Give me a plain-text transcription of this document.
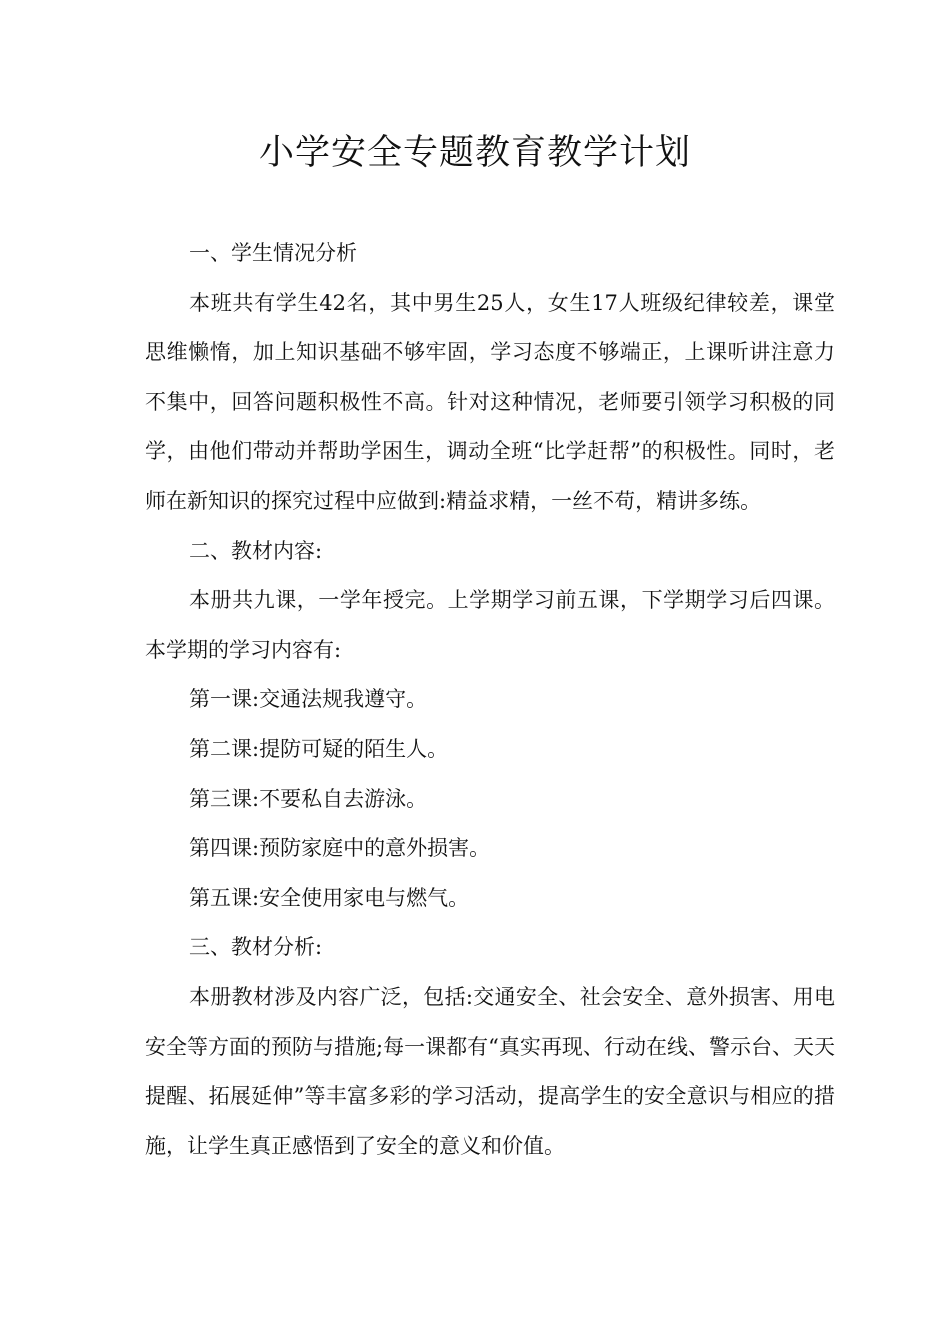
小学安全专题教育教学计划

一、学生情况分析

本班共有学生42名，其中男生25人，女生17人班级纪律较差，课堂思维懒惰，加上知识基础不够牢固，学习态度不够端正，上课听讲注意力不集中，回答问题积极性不高。针对这种情况，老师要引领学习积极的同学，由他们带动并帮助学困生，调动全班“比学赶帮”的积极性。同时，老师在新知识的探究过程中应做到:精益求精，一丝不苟，精讲多练。

二、教材内容:

本册共九课，一学年授完。上学期学习前五课，下学期学习后四课。本学期的学习内容有:

第一课:交通法规我遵守。

第二课:提防可疑的陌生人。

第三课:不要私自去游泳。

第四课:预防家庭中的意外损害。

第五课:安全使用家电与燃气。

三、教材分析:

本册教材涉及内容广泛，包括:交通安全、社会安全、意外损害、用电安全等方面的预防与措施;每一课都有“真实再现、行动在线、警示台、天天提醒、拓展延伸”等丰富多彩的学习活动，提高学生的安全意识与相应的措施，让学生真正感悟到了安全的意义和价值。
